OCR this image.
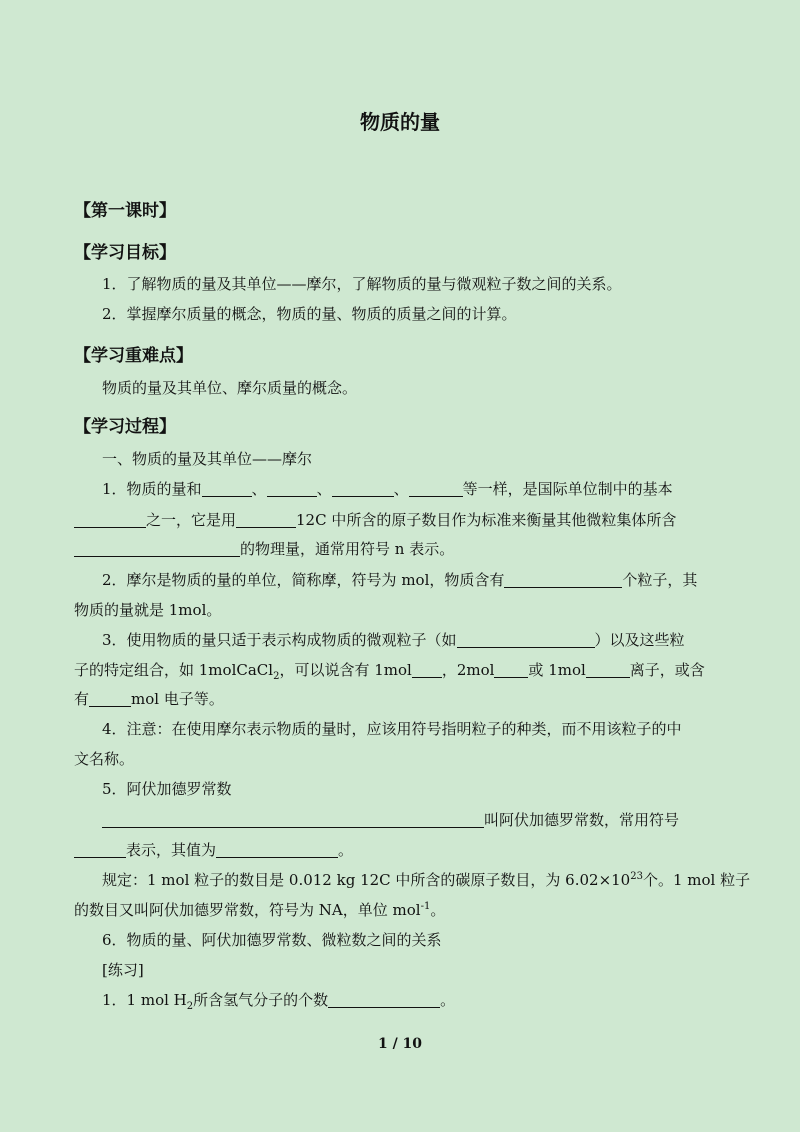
物质的量
【第一课时】
【学习目标】
1．了解物质的量及其单位——摩尔，了解物质的量与微观粒子数之间的关系。
2．掌握摩尔质量的概念，物质的量、物质的质量之间的计算。
【学习重难点】
物质的量及其单位、摩尔质量的概念。
【学习过程】
一、物质的量及其单位——摩尔
1．物质的量和	、	、	、	等一样，是国际单位制中的基本
之一，它是用	12C 中所含的原子数目作为标准来衡量其他微粒集体所含
的物理量，通常用符号 n 表示。
2．摩尔是物质的量的单位，简称摩，符号为 mol，物质含有	个粒子，其
物质的量就是 1mol。
3．使用物质的量只适于表示构成物质的微观粒子（如	）以及这些粒
子的特定组合，如 1molCaCl$_2$，可以说含有 1mol ，2mol 或 1mol	离子，或含
有	mol 电子等。
4．注意：在使用摩尔表示物质的量时，应该用符号指明粒子的种类，而不用该粒子的中
文名称。
5．阿伏加德罗常数
叫阿伏加德罗常数，常用符号
表示，其值为	。
规定：1 mol 粒子的数目是 0.012 kg 12C 中所含的碳原子数目，为 $6.02\times 10^{23}$个。1 mol 粒子
的数目又叫阿伏加德罗常数，符号为 NA，单位 mol$^{-1}$。
6．物质的量、阿伏加德罗常数、微粒数之间的关系
[练习]
1．1 mol $H_2$所含氢气分子的个数	。
1 / 10
